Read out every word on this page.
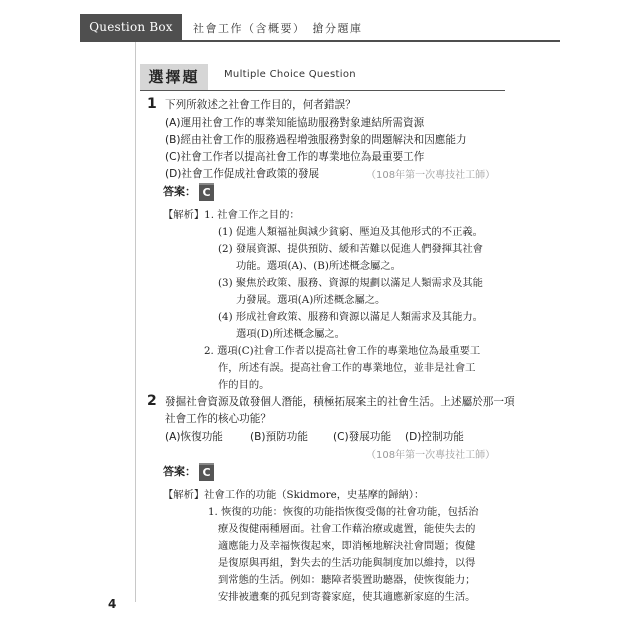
Question Box	社會工作（含概要）　搶分題庫
選擇題	Multiple Choice Question
1 下列所敘述之社會工作目的，何者錯誤？
(A)運用社會工作的專業知能協助服務對象連結所需資源
(B)經由社會工作的服務過程增強服務對象的問題解決和因應能力
(C)社會工作者以提高社會工作的專業地位為最重要工作
(D)社會工作促成社會政策的發展	（108年第一次專技社工師）
答案： C
【解析】1. 社會工作之目的：
(1) 促進人類福祉與減少貧窮、壓迫及其他形式的不正義。
(2) 發展資源、提供預防、緩和苦難以促進人們發揮其社會
功能。選項(A)、(B)所述概念屬之。
(3) 聚焦於政策、服務、資源的規劃以滿足人類需求及其能
力發展。選項(A)所述概念屬之。
(4) 形成社會政策、服務和資源以滿足人類需求及其能力。
選項(D)所述概念屬之。
2. 選項(C)社會工作者以提高社會工作的專業地位為最重要工
作，所述有誤。提高社會工作的專業地位，並非是社會工
作的目的。
2 發掘社會資源及啟發個人潛能，積極拓展案主的社會生活。上述屬於那一項
社會工作的核心功能？
(A)恢復功能	(B)預防功能 (C)發展功能 (D)控制功能
（108年第一次專技社工師）
答案： C
【解析】社會工作的功能（Skidmore，史基摩的歸納）：
1. 恢復的功能：恢復的功能指恢復受傷的社會功能，包括治
療及復健兩種層面。社會工作藉治療或處置，能使失去的
適應能力及幸福恢復起來，即消極地解決社會問題；復健
是復原與再組，對失去的生活功能與制度加以維持，以得
到常態的生活。例如：聽障者裝置助聽器，使恢復能力；
安排被遺棄的孤兒到寄養家庭，使其適應新家庭的生活。
4
